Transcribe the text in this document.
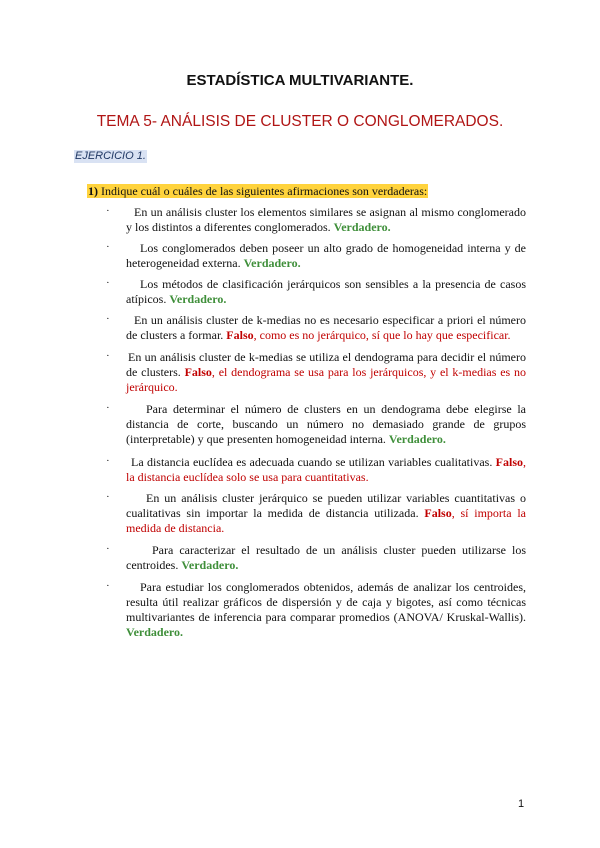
ESTADÍSTICA MULTIVARIANTE.
TEMA 5- ANÁLISIS DE CLUSTER O CONGLOMERADOS.
EJERCICIO 1.
1) Indique cuál o cuáles de las siguientes afirmaciones son verdaderas:
·	En un análisis cluster los elementos similares se asignan al mismo conglomerado y los distintos a diferentes conglomerados. Verdadero.

·	Los conglomerados deben poseer un alto grado de homogeneidad interna y de heterogeneidad externa. Verdadero.

·	Los métodos de clasificación jerárquicos son sensibles a la presencia de casos atípicos. Verdadero.

·	En un análisis cluster de k-medias no es necesario especificar a priori el número de clusters a formar. Falso, como es no jerárquico, sí que lo hay que especificar.

· En un análisis cluster de k-medias se utiliza el dendograma para decidir el número de clusters. Falso, el dendograma se usa para los jerárquicos, y el k-medias es no jerárquico.

·	Para determinar el número de clusters en un dendograma debe elegirse la distancia de corte, buscando un número no demasiado grande de grupos (interpretable) y que presenten homogeneidad interna. Verdadero.

·	La distancia euclídea es adecuada cuando se utilizan variables cualitativas. Falso, la distancia euclídea solo se usa para cuantitativas.

·	En un análisis cluster jerárquico se pueden utilizar variables cuantitativas o cualitativas sin importar la medida de distancia utilizada. Falso, sí importa la medida de distancia.

·	Para caracterizar el resultado de un análisis cluster pueden utilizarse los centroides. Verdadero.

·	Para estudiar los conglomerados obtenidos, además de analizar los centroides, resulta útil realizar gráficos de dispersión y de caja y bigotes, así como técnicas multivariantes de inferencia para comparar promedios (ANOVA/ Kruskal-Wallis). Verdadero.

1
